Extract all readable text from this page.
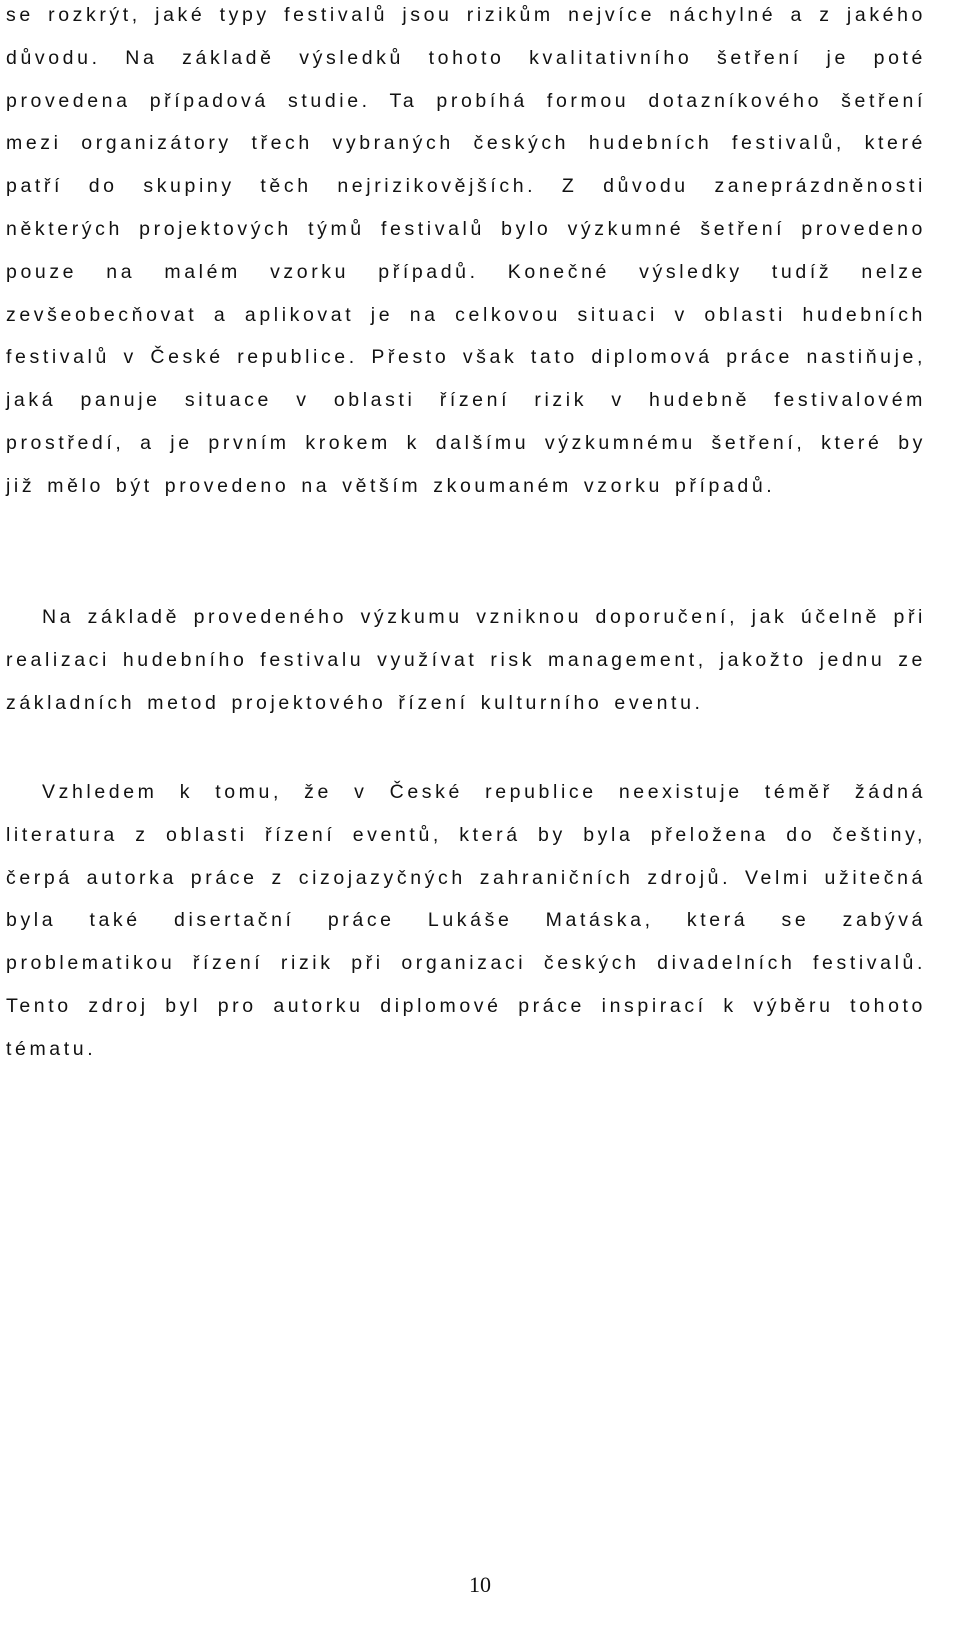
se rozkrýt, jaké typy festivalů jsou rizikům nejvíce náchylné a z jakého důvodu. Na základě výsledků tohoto kvalitativního šetření je poté provedena případová studie. Ta probíhá formou dotazníkového šetření mezi organizátory třech vybraných českých hudebních festivalů, které patří do skupiny těch nejrizikovějších. Z důvodu zaneprázdněnosti některých projektových týmů festivalů bylo výzkumné šetření provedeno pouze na malém vzorku případů. Konečné výsledky tudíž nelze zevšeobecňovat a aplikovat je na celkovou situaci v oblasti hudebních festivalů v České republice. Přesto však tato diplomová práce nastiňuje, jaká panuje situace v oblasti řízení rizik v hudebně festivalovém prostředí, a je prvním krokem k dalšímu výzkumnému šetření, které by již mělo být provedeno na větším zkoumaném vzorku případů.

Na základě provedeného výzkumu vzniknou doporučení, jak účelně při realizaci hudebního festivalu využívat risk management, jakožto jednu ze základních metod projektového řízení kulturního eventu.

Vzhledem k tomu, že v České republice neexistuje téměř žádná literatura z oblasti řízení eventů, která by byla přeložena do češtiny, čerpá autorka práce z cizojazyčných zahraničních zdrojů. Velmi užitečná byla také disertační práce Lukáše Matáska, která se zabývá problematikou řízení rizik při organizaci českých divadelních festivalů. Tento zdroj byl pro autorku diplomové práce inspirací k výběru tohoto tématu.

10
